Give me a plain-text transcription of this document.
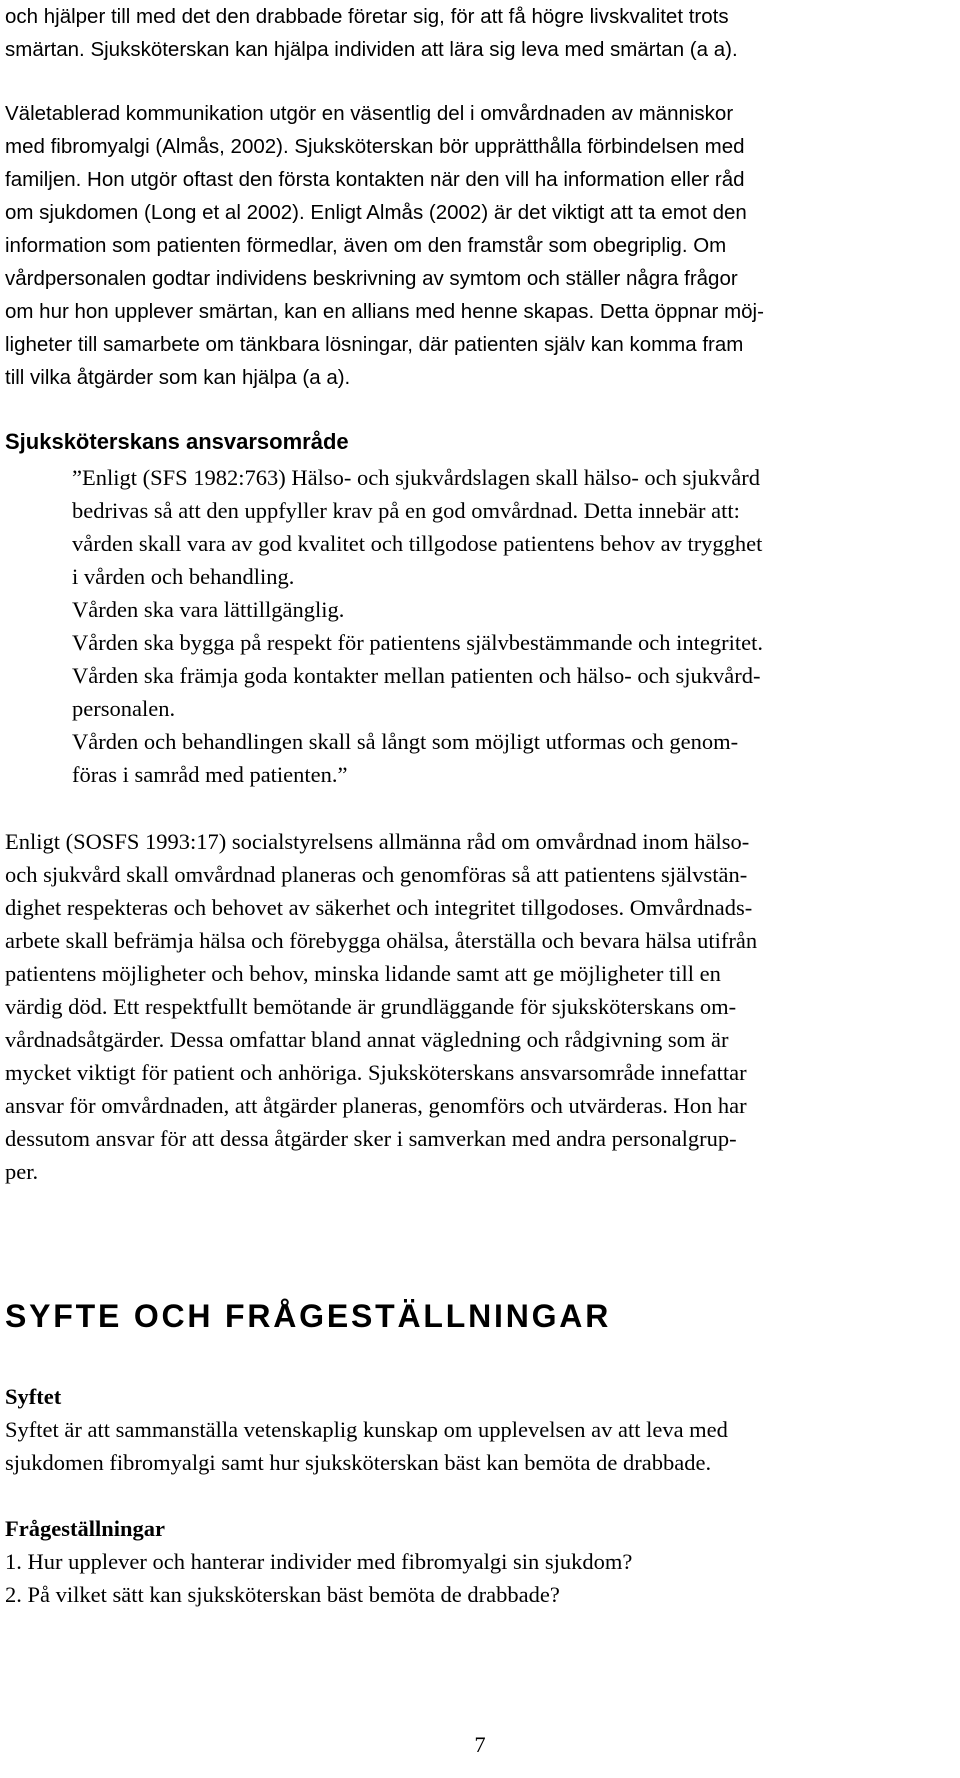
och hjälper till med det den drabbade företar sig, för att få högre livskvalitet trots
smärtan. Sjuksköterskan kan hjälpa individen att lära sig leva med smärtan (a a).

Väletablerad kommunikation utgör en väsentlig del i omvårdnaden av människor
med fibromyalgi (Almås, 2002). Sjuksköterskan bör upprätthålla förbindelsen med
familjen. Hon utgör oftast den första kontakten när den vill ha information eller råd
om sjukdomen (Long et al 2002). Enligt Almås (2002) är det viktigt att ta emot den
information som patienten förmedlar, även om den framstår som obegriplig. Om
vårdpersonalen godtar individens beskrivning av symtom och ställer några frågor
om hur hon upplever smärtan, kan en allians med henne skapas. Detta öppnar möj-
ligheter till samarbete om tänkbara lösningar, där patienten själv kan komma fram
till vilka åtgärder som kan hjälpa (a a).

Sjuksköterskans ansvarsområde
”Enligt (SFS 1982:763) Hälso- och sjukvårdslagen skall hälso- och sjukvård
bedrivas så att den uppfyller krav på en god omvårdnad. Detta innebär att:
vården skall vara av god kvalitet och tillgodose patientens behov av trygghet
i vården och behandling.
Vården ska vara lättillgänglig.
Vården ska bygga på respekt för patientens självbestämmande och integritet.
Vården ska främja goda kontakter mellan patienten och hälso- och sjukvård-
personalen.
Vården och behandlingen skall så långt som möjligt utformas och genom-
föras i samråd med patienten.”

Enligt (SOSFS 1993:17) socialstyrelsens allmänna råd om omvårdnad inom hälso-
och sjukvård skall omvårdnad planeras och genomföras så att patientens självstän-
dighet respekteras och behovet av säkerhet och integritet tillgodoses. Omvårdnads-
arbete skall befrämja hälsa och förebygga ohälsa, återställa och bevara hälsa utifrån
patientens möjligheter och behov, minska lidande samt att ge möjligheter till en
värdig död. Ett respektfullt bemötande är grundläggande för sjuksköterskans om-
vårdnadsåtgärder. Dessa omfattar bland annat vägledning och rådgivning som är
mycket viktigt för patient och anhöriga. Sjuksköterskans ansvarsområde innefattar
ansvar för omvårdnaden, att åtgärder planeras, genomförs och utvärderas. Hon har
dessutom ansvar för att dessa åtgärder sker i samverkan med andra personalgrup-
per.

SYFTE OCH FRÅGESTÄLLNINGAR
Syftet

Syftet är att sammanställa vetenskaplig kunskap om upplevelsen av att leva med
sjukdomen fibromyalgi samt hur sjuksköterskan bäst kan bemöta de drabbade.

Frågeställningar
1. Hur upplever och hanterar individer med fibromyalgi sin sjukdom?
2. På vilket sätt kan sjuksköterskan bäst bemöta de drabbade?
7
